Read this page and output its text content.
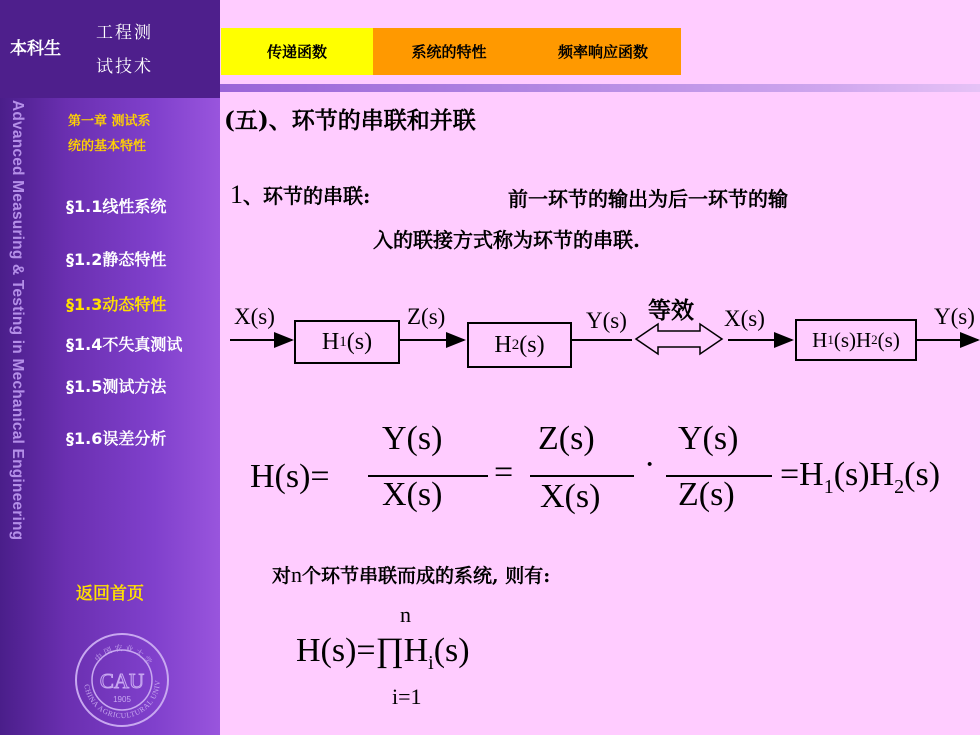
本科生
工程测
试技术
Advanced Measuring & Testing in Mechanical Engineering	第一章 测试系
统的基本特性
§1.1线性系统
§1.2静态特性
§1.3动态特性
§1.4不失真测试
§1.5测试方法
§1.6误差分析
返回首页
CHINA AGRICULTURAL UNIV
中国农业大学
CAU
1905
传递函数	系统的特性	频率响应函数
(五)、环节的串联和并联
1、环节的串联:	前一环节的输出为后一环节的输
入的联接方式称为环节的串联.
X(s)
H 1 (s)
Z(s)
H 2 (s)
Y(s) 等效 X(s)
H 1 (s)H 2 (s)
Y(s)
H(s)=
Y(s)
X(s)
=
Z(s)
X(s)
·
Y(s)
Z(s)
$=H_1(s)H_2(s)$
对n个环节串联而成的系统, 则有:
n
$H(s)=\prod H_i(s)$
i=1
